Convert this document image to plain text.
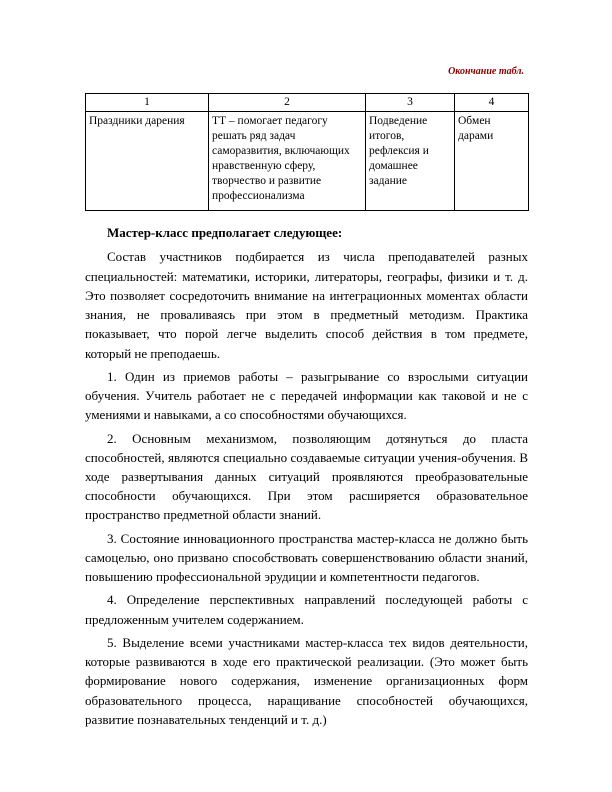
Окончание табл.
1	2	3	4
Праздники дарения	ТТ – помогает педагогу решать ряд задач саморазвития, включающих нравственную сферу, творчество и развитие профессионализма	Подведение итогов, рефлексия и домашнее задание	Обмен дарами

Мастер-класс предполагает следующее:

Состав участников подбирается из числа преподавателей разных специальностей: математики, историки, литераторы, географы, физики и т. д. Это позволяет сосредоточить внимание на интеграционных моментах области знания, не проваливаясь при этом в предметный методизм. Практика показывает, что порой легче выделить способ действия в том предмете, который не преподаешь.

1. Один из приемов работы – разыгрывание со взрослыми ситуации обучения. Учитель работает не с передачей информации как таковой и не с умениями и навыками, а со способностями обучающихся.

2. Основным механизмом, позволяющим дотянуться до пласта способностей, являются специально создаваемые ситуации учения-обучения. В ходе развертывания данных ситуаций проявляются преобразовательные способности обучающихся. При этом расширяется образовательное пространство предметной области знаний.

3. Состояние инновационного пространства мастер-класса не должно быть самоцелью, оно призвано способствовать совершенствованию области знаний, повышению профессиональной эрудиции и компетентности педагогов.

4. Определение перспективных направлений последующей работы с предложенным учителем содержанием.

5. Выделение всеми участниками мастер-класса тех видов деятельности, которые развиваются в ходе его практической реализации. (Это может быть формирование нового содержания, изменение организационных форм образовательного процесса, наращивание способностей обучающихся, развитие познавательных тенденций и т. д.)
